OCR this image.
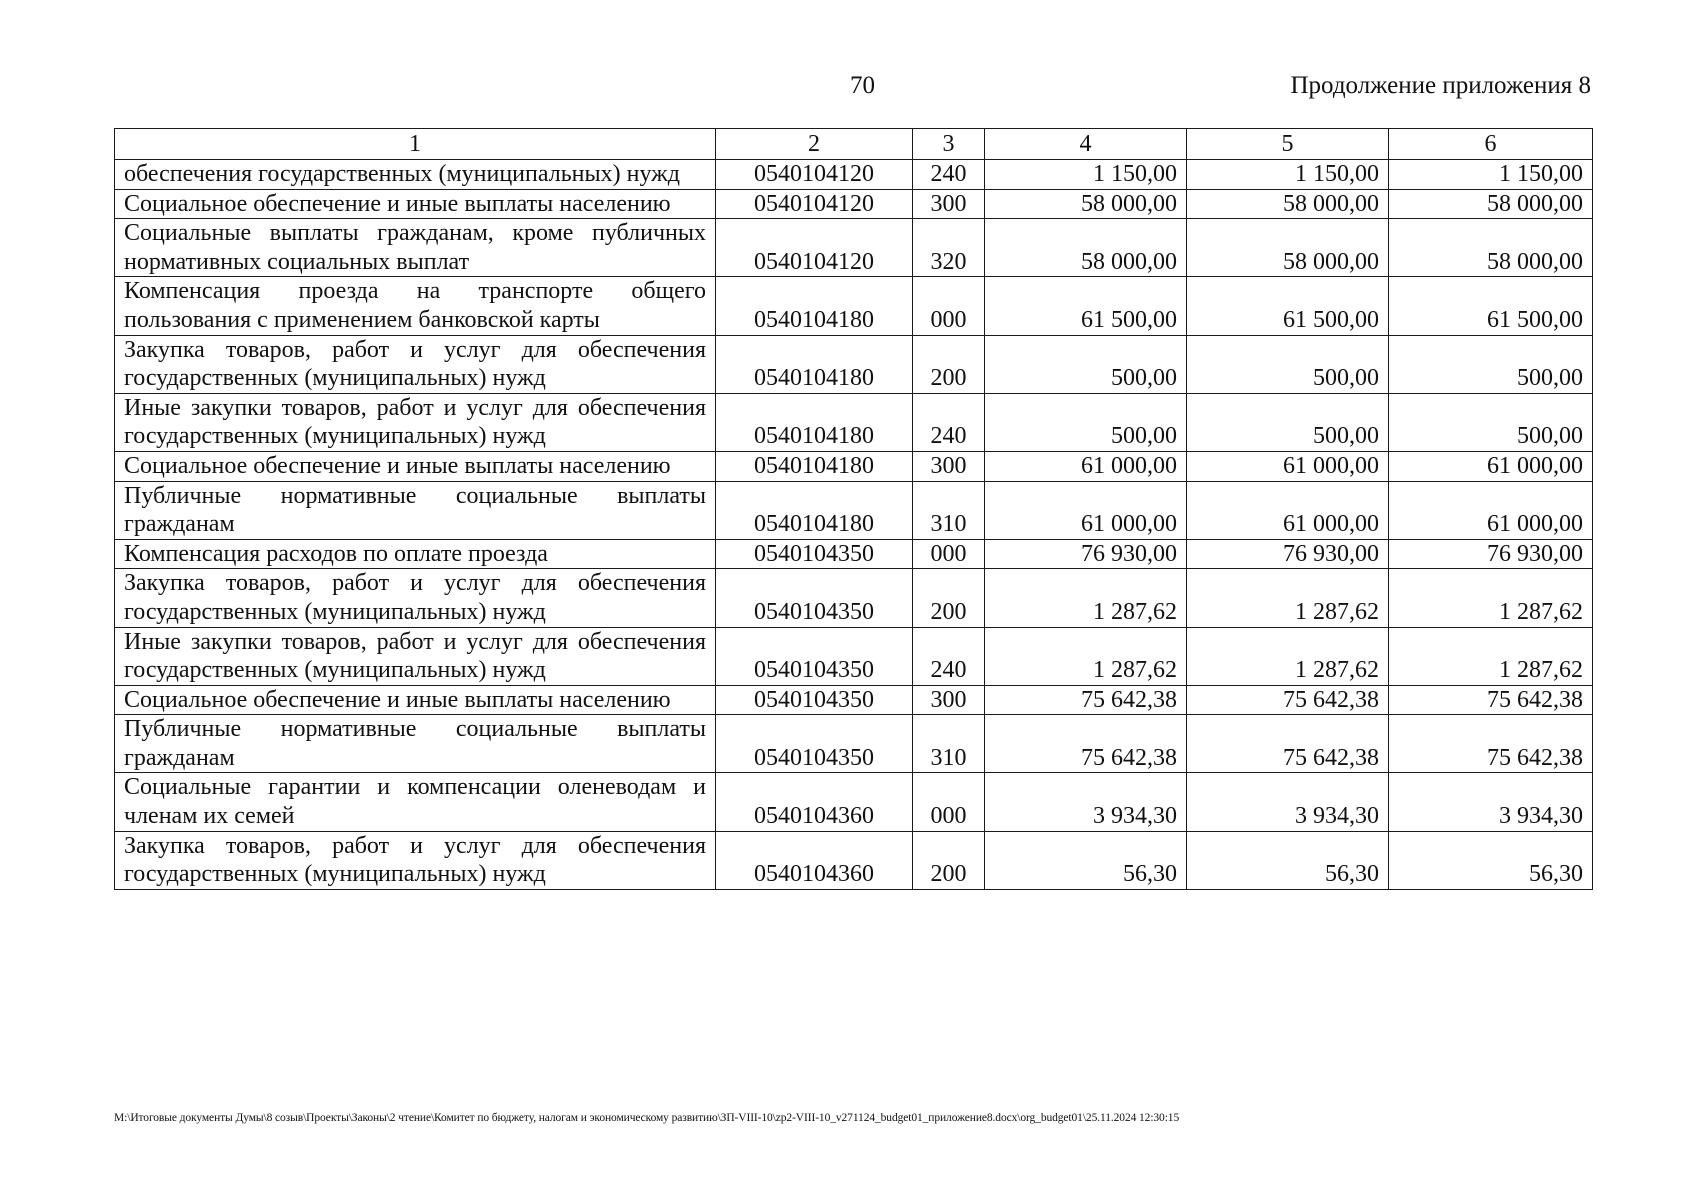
70	Продолжение приложения 8
1	2	3	4	5	6
обеспечения государственных (муниципальных) нужд	0540104120	240	1 150,00	1 150,00	1 150,00
Социальное обеспечение и иные выплаты населению	0540104120	300	58 000,00	58 000,00	58 000,00
Социальные выплаты гражданам, кроме публичных нормативных социальных выплат	0540104120	320	58 000,00	58 000,00	58 000,00
Компенсация проезда на транспорте общего пользования с применением банковской карты	0540104180	000	61 500,00	61 500,00	61 500,00
Закупка товаров, работ и услуг для обеспечения государственных (муниципальных) нужд	0540104180	200	500,00	500,00	500,00
Иные закупки товаров, работ и услуг для обеспечения государственных (муниципальных) нужд	0540104180	240	500,00	500,00	500,00
Социальное обеспечение и иные выплаты населению	0540104180	300	61 000,00	61 000,00	61 000,00
Публичные нормативные социальные выплаты гражданам	0540104180	310	61 000,00	61 000,00	61 000,00
Компенсация расходов по оплате проезда	0540104350	000	76 930,00	76 930,00	76 930,00
Закупка товаров, работ и услуг для обеспечения государственных (муниципальных) нужд	0540104350	200	1 287,62	1 287,62	1 287,62
Иные закупки товаров, работ и услуг для обеспечения государственных (муниципальных) нужд	0540104350	240	1 287,62	1 287,62	1 287,62
Социальное обеспечение и иные выплаты населению	0540104350	300	75 642,38	75 642,38	75 642,38
Публичные нормативные социальные выплаты гражданам	0540104350	310	75 642,38	75 642,38	75 642,38
Социальные гарантии и компенсации оленеводам и членам их семей	0540104360	000	3 934,30	3 934,30	3 934,30
Закупка товаров, работ и услуг для обеспечения государственных (муниципальных) нужд	0540104360	200	56,30	56,30	56,30
M:\Итоговые документы Думы\8 созыв\Проекты\Законы\2 чтение\Комитет по бюджету, налогам и экономическому развитию\ЗП-VIII-10\zp2-VIII-10_v271124_budget01_приложение8.docx\org_budget01\25.11.2024 12:30:15
